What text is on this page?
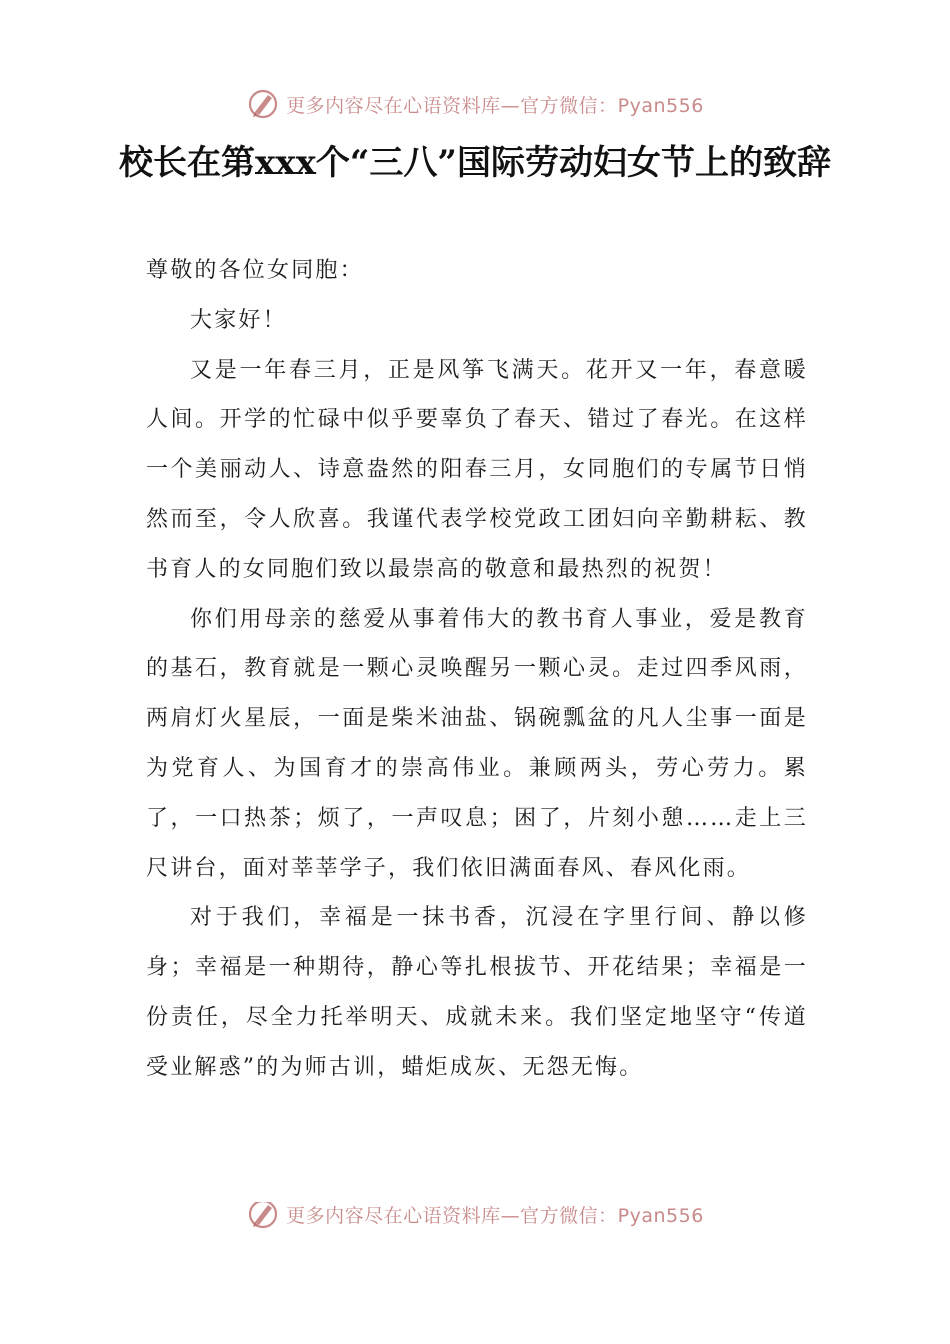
更多内容尽在心语资料库—官方微信：Pyan556
校长在第xxx个“三八”国际劳动妇女节上的致辞

尊敬的各位女同胞：

大家好！

又是一年春三月，正是风筝飞满天。花开又一年，春意暖人间。开学的忙碌中似乎要辜负了春天、错过了春光。在这样一个美丽动人、诗意盎然的阳春三月，女同胞们的专属节日悄然而至，令人欣喜。我谨代表学校党政工团妇向辛勤耕耘、教书育人的女同胞们致以最崇高的敬意和最热烈的祝贺！

你们用母亲的慈爱从事着伟大的教书育人事业，爱是教育的基石，教育就是一颗心灵唤醒另一颗心灵。走过四季风雨，两肩灯火星辰，一面是柴米油盐、锅碗瓢盆的凡人尘事一面是为党育人、为国育才的崇高伟业。兼顾两头，劳心劳力。累了，一口热茶；烦了，一声叹息；困了，片刻小憩……走上三尺讲台，面对莘莘学子，我们依旧满面春风、春风化雨。

对于我们，幸福是一抹书香，沉浸在字里行间、静以修身；幸福是一种期待，静心等扎根拔节、开花结果；幸福是一份责任，尽全力托举明天、成就未来。我们坚定地坚守“传道受业解惑”的为师古训，蜡炬成灰、无怨无悔。

更多内容尽在心语资料库—官方微信：Pyan556
